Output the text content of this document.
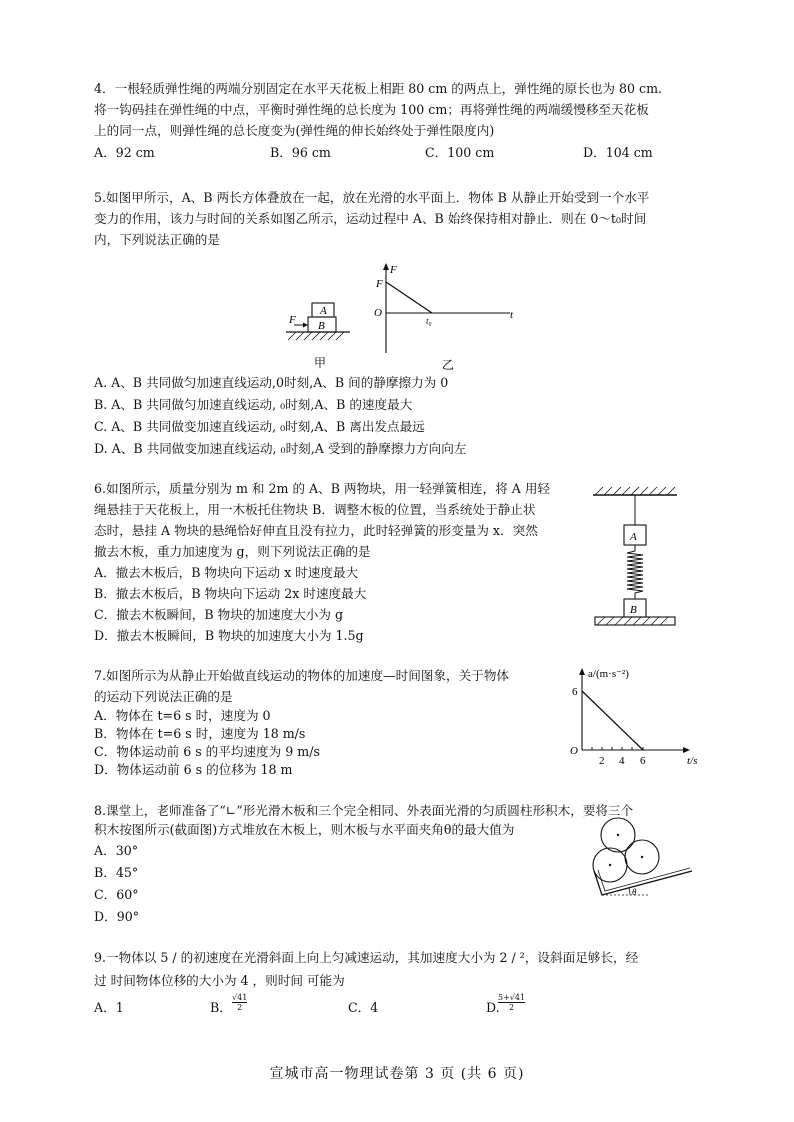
4．一根轻质弹性绳的两端分别固定在水平天花板上相距 80 cm 的两点上，弹性绳的原长也为 80 cm.
将一钩码挂在弹性绳的中点，平衡时弹性绳的总长度为 100 cm；再将弹性绳的两端缓慢移至天花板
上的同一点，则弹性绳的总长度变为(弹性绳的伸长始终处于弹性限度内)
A．92 cm	B．96 cm	C．100 cm	D．104 cm
5.如图甲所示，A、B 两长方体叠放在一起，放在光滑的水平面上．物体 B 从静止开始受到一个水平
变力的作用，该力与时间的关系如图乙所示，运动过程中 A、B 始终保持相对静止．则在 0～t₀时间
内，下列说法正确的是
A
B
F
甲
F
F
O
t₀	t
乙
A. A、B 共同做匀加速直线运动,0时刻,A、B 间的静摩擦力为 0
B. A、B 共同做匀加速直线运动, ₀时刻,A、B 的速度最大
C. A、B 共同做变加速直线运动, ₀时刻,A、B 离出发点最远
D. A、B 共同做变加速直线运动, ₀时刻,A 受到的静摩擦力方向向左
6.如图所示，质量分别为 m 和 2m 的 A、B 两物块，用一轻弹簧相连，将 A 用轻
绳悬挂于天花板上，用一木板托住物块 B．调整木板的位置，当系统处于静止状
态时，悬挂 A 物块的悬绳恰好伸直且没有拉力，此时轻弹簧的形变量为 x．突然
撤去木板，重力加速度为 g，则下列说法正确的是
A．撤去木板后，B 物块向下运动 x 时速度最大
B．撤去木板后，B 物块向下运动 2x 时速度最大
C．撤去木板瞬间，B 物块的加速度大小为 g
D．撤去木板瞬间，B 物块的加速度大小为 1.5g
A
B
7.如图所示为从静止开始做直线运动的物体的加速度—时间图象，关于物体
的运动下列说法正确的是
A．物体在 t=6 s 时，速度为 0
B．物体在 t=6 s 时，速度为 18 m/s
C．物体运动前 6 s 的平均速度为 9 m/s
D．物体运动前 6 s 的位移为 18 m
a/(m·s⁻²)
6
O
2 4 6	t/s
8.课堂上，老师准备了“∟”形光滑木板和三个完全相同、外表面光滑的匀质圆柱形积木，要将三个
积木按图所示(截面图)方式堆放在木板上，则木板与水平面夹角θ的最大值为
A．30°
B．45°
C．60°
D．90°
θ
9.一物体以 5 / 的初速度在光滑斜面上向上匀减速运动，其加速度大小为 2 / ²，设斜面足够长，经
过 时间物体位移的大小为 4 ，则时间 可能为
A．1	B． $\frac{√41}{2}$	C．4	D.
$\frac{5+√41}{2}$
宣城市高一物理试卷第 3 页 (共 6 页)
